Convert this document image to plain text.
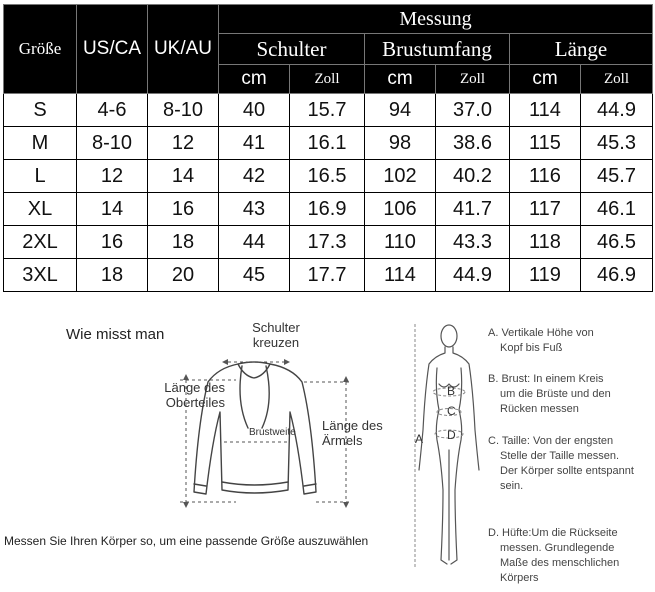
Größe	US/CA	UK/AU	Messung					
			Schulter		Brustumfang		Länge	
			cm	Zoll	cm	Zoll	cm	Zoll
S	4-6	8-10	40	15.7	94	37.0	114	44.9
M	8-10	12	41	16.1	98	38.6	115	45.3
L	12	14	42	16.5	102	40.2	116	45.7
XL	14	16	43	16.9	106	41.7	117	46.1
2XL	16	18	44	17.3	110	43.3	118	46.5
3XL	18	20	45	17.7	114	44.9	119	46.9
Wie misst man	Schulter
kreuzen
Länge des
Oberteiles
Länge des
Ärmels
Brustweite
Messen Sie Ihren Körper so, um eine passende Größe auszuwählen
A
B
C
D
A. Vertikale Höhe von
Kopf bis Fuß
B. Brust: In einem Kreis
um die Brüste und den
Rücken messen
C. Taille: Von der engsten
Stelle der Taille messen.
Der Körper sollte entspannt
sein.
D. Hüfte:Um die Rückseite
messen. Grundlegende
Maße des menschlichen
Körpers
